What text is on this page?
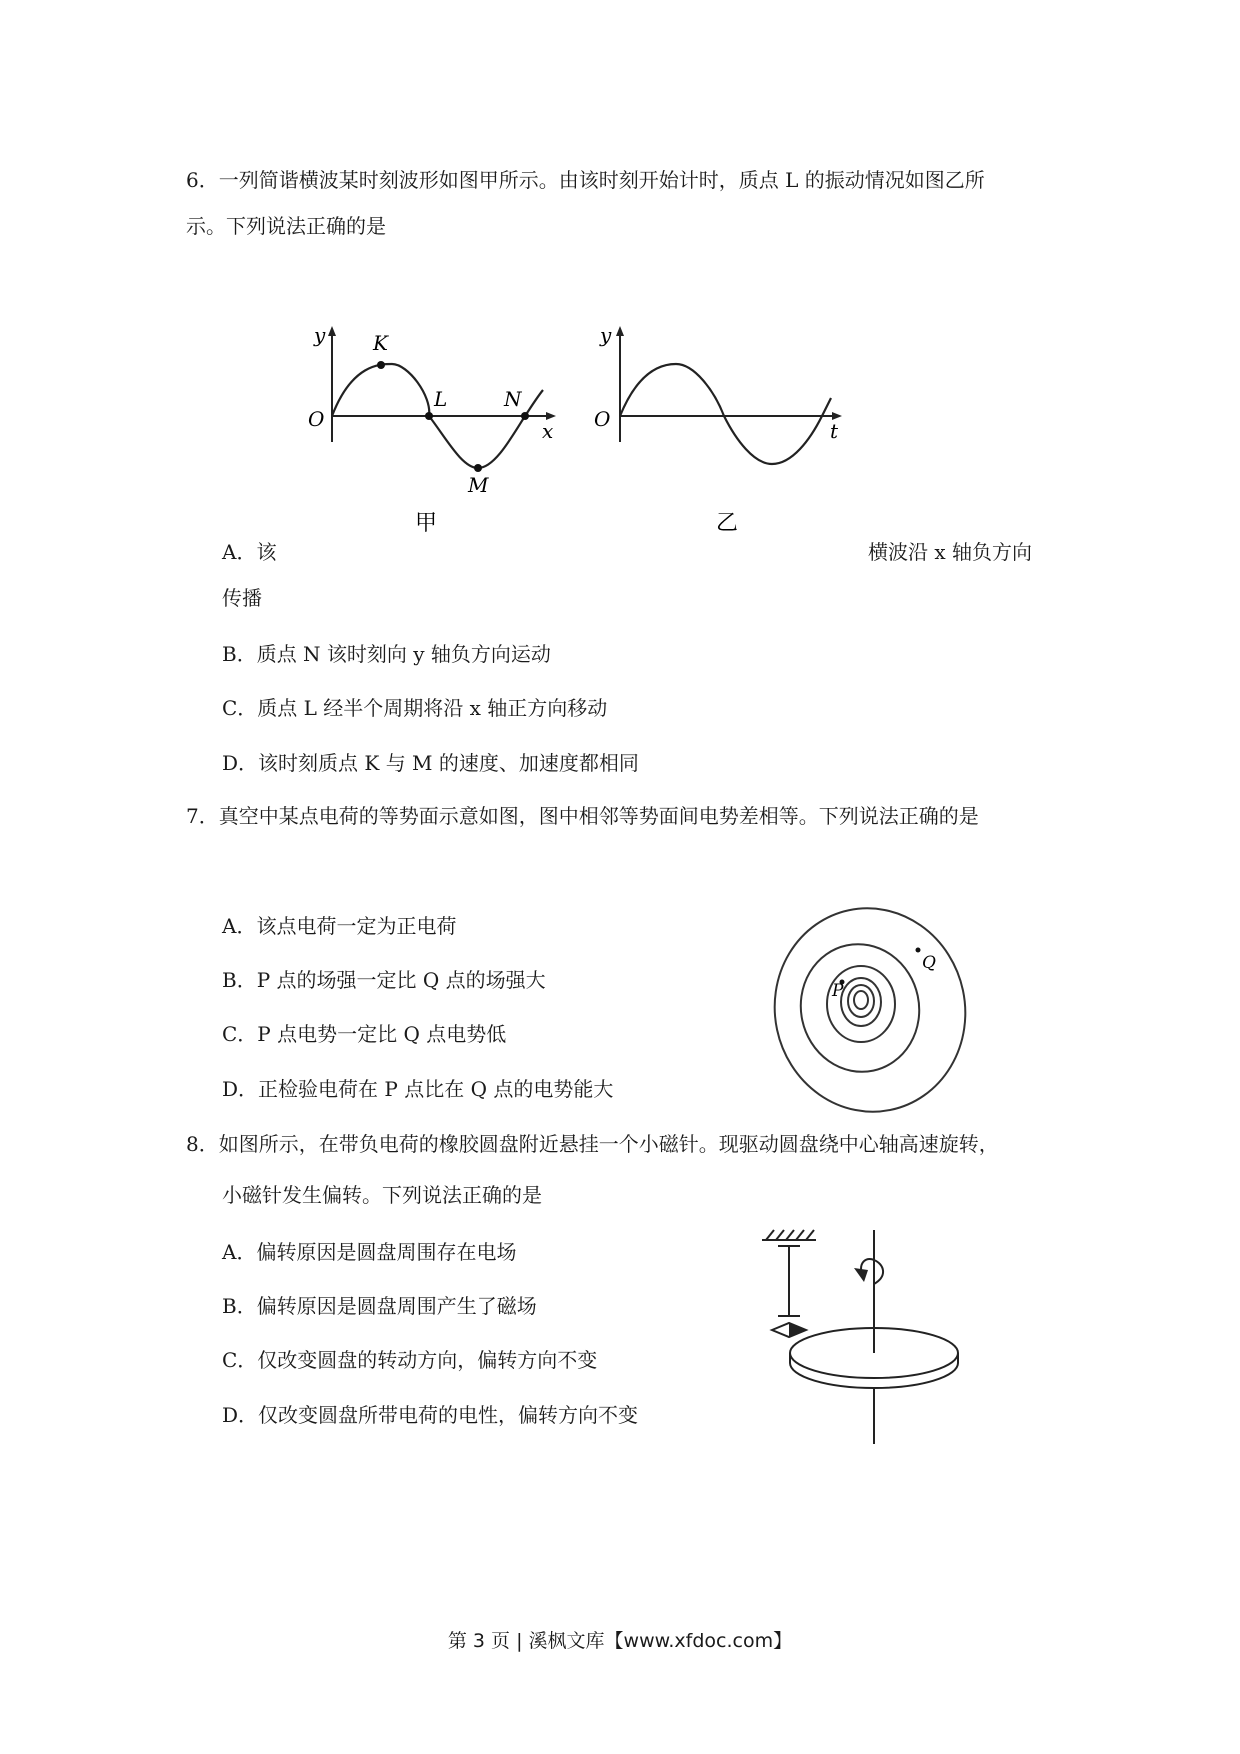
6．一列简谐横波某时刻波形如图甲所示。由该时刻开始计时，质点 L 的振动情况如图乙所
示。下列说法正确的是
y
O	x
K
L
M
N
甲
y
O	t
乙
A．该	横波沿 x 轴负方向
传播
B．质点 N 该时刻向 y 轴负方向运动
C．质点 L 经半个周期将沿 x 轴正方向移动
D．该时刻质点 K 与 M 的速度、加速度都相同
7．真空中某点电荷的等势面示意如图，图中相邻等势面间电势差相等。下列说法正确的是
A．该点电荷一定为正电荷
B．P 点的场强一定比 Q 点的场强大
C．P 点电势一定比 Q 点电势低
D．正检验电荷在 P 点比在 Q 点的电势能大
P
Q
8．如图所示，在带负电荷的橡胶圆盘附近悬挂一个小磁针。现驱动圆盘绕中心轴高速旋转，
小磁针发生偏转。下列说法正确的是
A．偏转原因是圆盘周围存在电场
B．偏转原因是圆盘周围产生了磁场
C．仅改变圆盘的转动方向，偏转方向不变
D．仅改变圆盘所带电荷的电性，偏转方向不变
第 3 页 | 溪枫文库【www.xfdoc.com】
